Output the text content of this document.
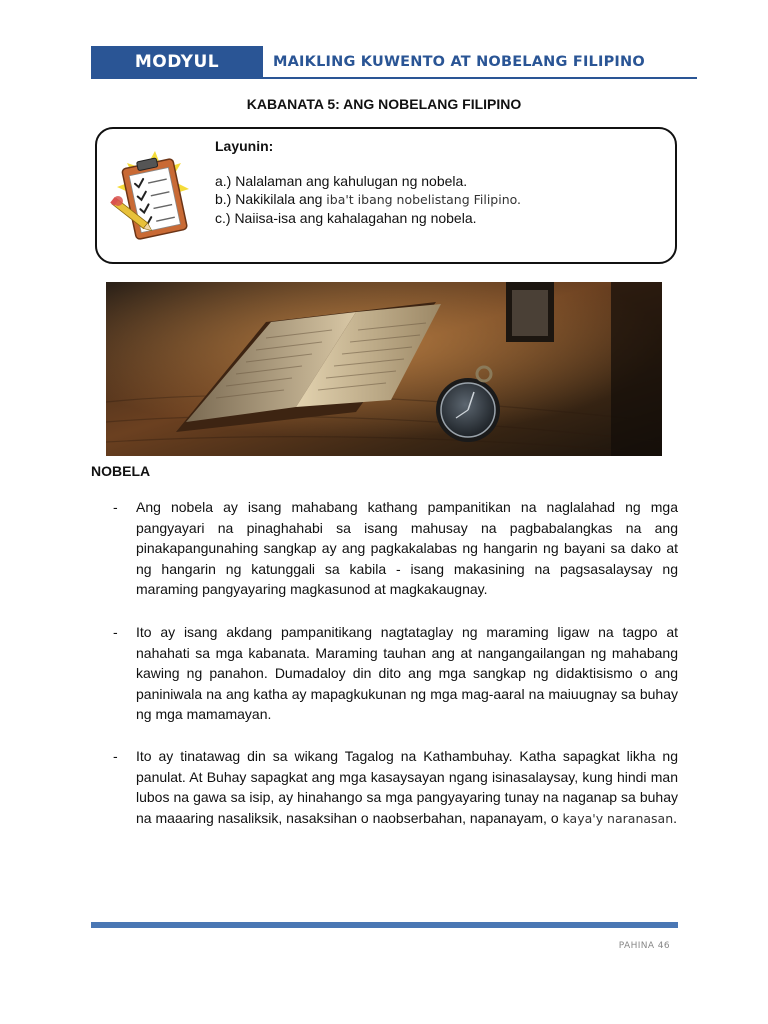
MODYUL	MAIKLING KUWENTO AT NOBELANG FILIPINO
KABANATA 5: ANG NOBELANG FILIPINO
Layunin:
a.) Nalalaman ang kahulugan ng nobela.
b.) Nakikilala ang iba't ibang nobelistang Filipino.
c.) Naiisa-isa ang kahalagahan ng nobela.
NOBELA
- Ang nobela ay isang mahabang kathang pampanitikan na naglalahad ng mga pangyayari na pinaghahabi sa isang mahusay na pagbabalangkas na ang pinakapangunahing sangkap ay ang pagkakalabas ng hangarin ng bayani sa dako at ng hangarin ng katunggali sa kabila - isang makasining na pagsasalaysay ng maraming pangyayaring magkasunod at magkakaugnay.
- Ito ay isang akdang pampanitikang nagtataglay ng maraming ligaw na tagpo at nahahati sa mga kabanata. Maraming tauhan ang at nangangailangan ng mahabang kawing ng panahon. Dumadaloy din dito ang mga sangkap ng didaktisismo o ang paniniwala na ang katha ay mapagkukunan ng mga mag-aaral na maiuugnay sa buhay ng mga mamamayan.
- Ito ay tinatawag din sa wikang Tagalog na Kathambuhay. Katha sapagkat likha ng panulat. At Buhay sapagkat ang mga kasaysayan ngang isinasalaysay, kung hindi man lubos na gawa sa isip, ay hinahango sa mga pangyayaring tunay na naganap sa buhay na maaaring nasaliksik, nasaksihan o naobserbahan, napanayam, o kaya'y naranasan.
PAHINA 46
